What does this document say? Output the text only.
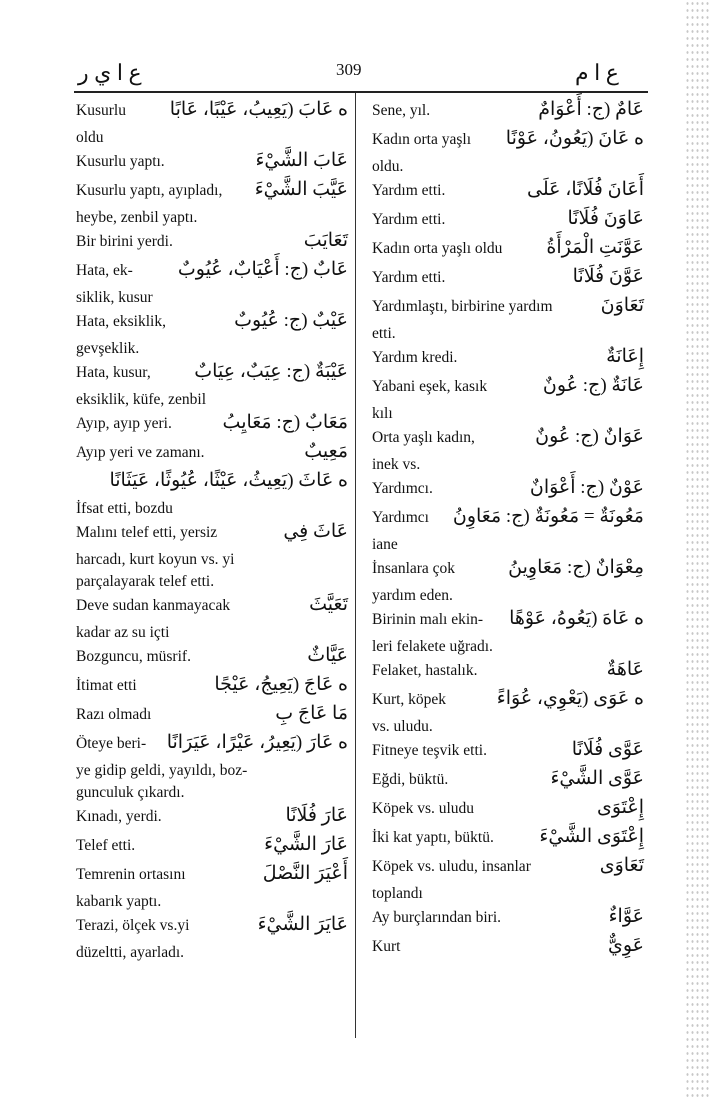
ع ا ي ر	309	ع ا م
Kusurlu ﻩ عَابَ (يَعِيبُ، عَيْبًا، عَابًا
oldu
Kusurlu yaptı.	عَابَ الشَّيْءَ
Kusurlu yaptı, ayıpladı, عَيَّبَ الشَّيْءَ
heybe, zenbil yaptı.
Bir birini yerdi.	تَعَايَبَ
Hata, ek- عَابٌ (ج: أَعْيَابٌ، عُيُوبٌ
siklik, kusur
Hata, eksiklik,	عَيْبٌ (ج: عُيُوبٌ
gevşeklik.
Hata, kusur, عَيْبَةٌ (ج: عِيَبٌ، عِيَابٌ
eksiklik, küfe, zenbil
Ayıp, ayıp yeri.	مَعَابٌ (ج: مَعَايِبُ
Ayıp yeri ve zamanı.	مَعِيبٌ
ﻩ عَاثَ (يَعِيثُ، عَيْثًا، عُيُوثًا، عَيَثَانًا
İfsat etti, bozdu
Malını telef etti, yersiz	عَاثَ فِي
harcadı, kurt koyun vs. yi
parçalayarak telef etti.
Deve sudan kanmayacak	تَعَيَّثَ
kadar az su içti
Bozguncu, müsrif.	عَيَّاثٌ
İtimat etti	ﻩ عَاجَ (يَعِيجُ، عَيْجًا
Razı olmadı	مَا عَاجَ بِ
Öteye beri- ﻩ عَارَ (يَعِيرُ، عَيْرًا، عَيَرَانًا
ye gidip geldi, yayıldı, boz-
gunculuk çıkardı.
Kınadı, yerdi.	عَارَ فُلَانًا
Telef etti.	عَارَ الشَّيْءَ
Temrenin ortasını	أَعْيَرَ النَّصْلَ
kabarık yaptı.
Terazi, ölçek vs.yi	عَايَرَ الشَّيْءَ
düzeltti, ayarladı.
Sene, yıl.	عَامٌ (ج: أَعْوَامٌ
Kadın orta yaşlı ﻩ عَانَ (يَعُونُ، عَوْنًا
oldu.
Yardım etti.	أَعَانَ فُلَانًا، عَلَى
Yardım etti.	عَاوَنَ فُلَانًا
Kadın orta yaşlı oldu عَوَّنَتِ الْمَرْأَةُ
Yardım etti.	عَوَّنَ فُلَانًا
Yardımlaştı, birbirine yardım	تَعَاوَنَ
etti.
Yardım kredi.	إِعَانَةٌ
Yabani eşek, kasık	عَانَةٌ (ج: عُونٌ
kılı
Orta yaşlı kadın,	عَوَانٌ (ج: عُونٌ
inek vs.
Yardımcı.	عَوْنٌ (ج: أَعْوَانٌ
Yardımcı مَعُونَةٌ = مَعُونَةٌ (ج: مَعَاوِنُ
iane
İnsanlara çok	مِعْوَانٌ (ج: مَعَاوِينُ
yardım eden.
Birinin malı ekin- ﻩ عَاهَ (يَعُوهُ، عَوْهًا
leri felakete uğradı.
Felaket, hastalık.	عَاهَةٌ
Kurt, köpek	ﻩ عَوَى (يَعْوِي، عُوَاءً
vs. uludu.
Fitneye teşvik etti.	عَوَّى فُلَانًا
Eğdi, büktü.	عَوَّى الشَّيْءَ
Köpek vs. uludu	إِعْتَوَى
İki kat yaptı, büktü. إِعْتَوَى الشَّيْءَ
Köpek vs. uludu, insanlar	تَعَاوَى
toplandı
Ay burçlarından biri.	عَوَّاءٌ
Kurt	عَوِيٌّ
